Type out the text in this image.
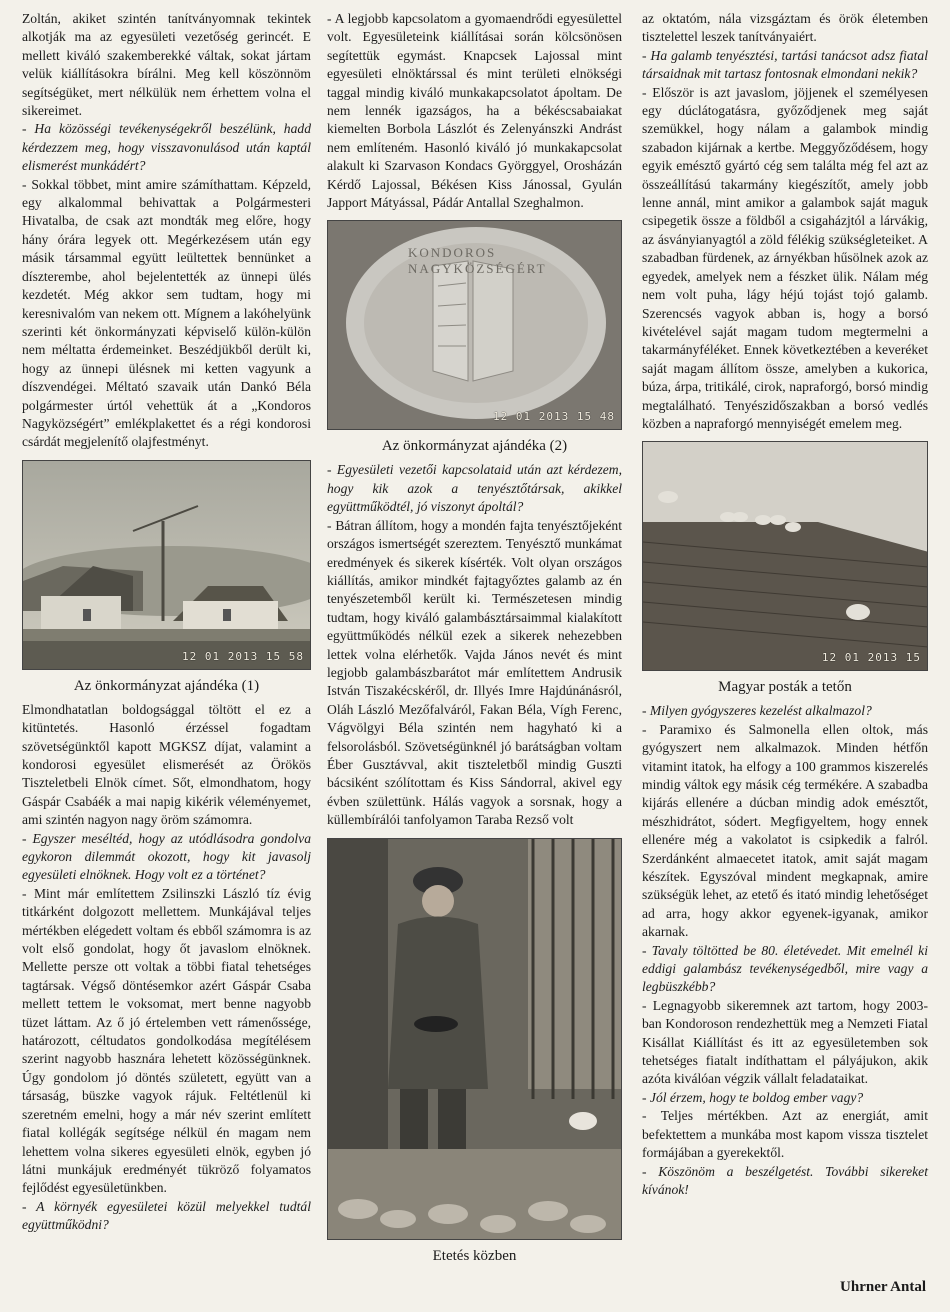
Zoltán, akiket szintén tanítványomnak tekintek alkotják ma az egyesületi vezetőség gerincét. E mellett kiváló szakemberekké váltak, sokat jártam velük kiállításokra bírálni. Meg kell köszönnöm segítségüket, mert nélkülük nem érhettem volna el sikereimet.

- Ha közösségi tevékenységekről beszélünk, hadd kérdezzem meg, hogy visszavonulásod után kaptál elismerést munkádért?

- Sokkal többet, mint amire számíthattam. Képzeld, egy alkalommal behivattak a Polgármesteri Hivatalba, de csak azt mondták meg előre, hogy hány órára legyek ott. Megérkezésem után egy másik társammal együtt leültettek bennünket a díszterembe, ahol bejelentették az ünnepi ülés kezdetét. Még akkor sem tudtam, hogy mi keresnivalóm van nekem ott. Mígnem a lakóhelyünk szerinti két önkormányzati képviselő külön-külön nem méltatta érdemeinket. Beszédjükből derült ki, hogy az ünnepi ülésnek mi ketten vagyunk a díszvendégei. Méltató szavaik után Dankó Béla polgármester úrtól vehettük át a „Kondoros Nagyközségért” emlékplakettet és a régi kondorosi csárdát megjelenítő olajfestményt.

12 01 2013 15 58
Az önkormányzat ajándéka (1)

Elmondhatatlan boldogsággal töltött el ez a kitüntetés. Hasonló érzéssel fogadtam szövetségünktől kapott MGKSZ díjat, valamint a kondorosi egyesület elismerését az Örökös Tiszteletbeli Elnök címet. Sőt, elmondhatom, hogy Gáspár Csabáék a mai napig kikérik véleményemet, ami szintén nagyon nagy öröm számomra.

- Egyszer meséltéd, hogy az utódlásodra gondolva egykoron dilemmát okozott, hogy kit javasolj egyesületi elnöknek. Hogy volt ez a történet?

- Mint már említettem Zsilinszki László tíz évig titkárként dolgozott mellettem. Munkájával teljes mértékben elégedett voltam és ebből számomra is az volt első gondolat, hogy őt javaslom elnöknek. Mellette persze ott voltak a többi fiatal tehetséges tagtársak. Végső döntésemkor azért Gáspár Csaba mellett tettem le voksomat, mert benne nagyobb tüzet láttam. Az ő jó értelemben vett rámenőssége, határozott, céltudatos gondolkodása megítélésem szerint nagyobb hasznára lehetett közösségünknek. Úgy gondolom jó döntés született, együtt van a társaság, büszke vagyok rájuk. Feltétlenül ki szeretném emelni, hogy a már név szerint említett fiatal kollégák segítsége nélkül én magam nem lehettem volna sikeres egyesületi elnök, egyben jó látni munkájuk eredményét tükröző folyamatos fejlődést egyesületünkben.

- A környék egyesületei közül melyekkel tudtál együttműködni?

- A legjobb kapcsolatom a gyomaendrődi egyesülettel volt. Egyesületeink kiállításai során kölcsönösen segítettük egymást. Knapcsek Lajossal mint egyesületi elnöktárssal és mint területi elnökségi taggal mindig kiváló munkakapcsolatot ápoltam. De nem lennék igazságos, ha a békéscsabaiakat kiemelten Borbola Lászlót és Zelenyánszki Andrást nem említeném. Hasonló kiváló jó munkakapcsolat alakult ki Szarvason Kondacs Györggyel, Orosházán Kérdő Lajossal, Békésen Kiss Jánossal, Gyulán Japport Mátyással, Pádár Antallal Szeghalmon.

KONDOROS NAGYKÖZSÉGÉRT
12 01 2013 15 48
Az önkormányzat ajándéka (2)

- Egyesületi vezetői kapcsolataid után azt kérdezem, hogy kik azok a tenyésztőtársak, akikkel együttműködtél, jó viszonyt ápoltál?

- Bátran állítom, hogy a mondén fajta tenyésztőjeként országos ismertségét szereztem. Tenyésztő munkámat eredmények és sikerek kísérték. Volt olyan országos kiállítás, amikor mindkét fajtagyőztes galamb az én tenyészetemből került ki. Természetesen mindig tudtam, hogy kiváló galambásztársaimmal kialakított együttműködés nélkül ezek a sikerek nehezebben lettek volna elérhetők. Vajda János nevét és mint legjobb galambászbarátot már említettem Andrusik István Tiszakécskéről, dr. Illyés Imre Hajdúnánásról, Oláh László Mezőfalváról, Fakan Béla, Vígh Ferenc, Vágvölgyi Béla szintén nem hagyható ki a felsorolásból. Szövetségünknél jó barátságban voltam Éber Gusztávval, akit tiszteletből mindig Guszti bácsiként szólítottam és Kiss Sándorral, akivel egy évben születtünk. Hálás vagyok a sorsnak, hogy a küllembírálói tanfolyamon Taraba Rezső volt

Etetés közben

az oktatóm, nála vizsgáztam és örök életemben tisztelettel leszek tanítványaiért.

- Ha galamb tenyésztési, tartási tanácsot adsz fiatal társaidnak mit tartasz fontosnak elmondani nekik?

- Először is azt javaslom, jöjjenek el személyesen egy dúclátogatásra, győződjenek meg saját szemükkel, hogy nálam a galambok mindig szabadon kijárnak a kertbe. Meggyőződésem, hogy egyik emésztő gyártó cég sem találta még fel azt az összeállítású takarmány kiegészítőt, amely jobb lenne annál, mint amikor a galambok saját maguk csipegetik össze a földből a csigaházjtól a lárvákig, az ásványianyagtól a zöld félékig szükségleteiket. A szabadban fürdenek, az árnyékban hűsölnek azok az egyedek, amelyek nem a fészket ülik. Nálam még nem volt puha, lágy héjú tojást tojó galamb. Szerencsés vagyok abban is, hogy a borsó kivételével saját magam tudom megtermelni a takarmányféléket. Ennek következtében a keveréket saját magam állítom össze, amelyben a kukorica, búza, árpa, tritikálé, cirok, napraforgó, borsó mindig megtalálható. Tenyészidőszakban a borsó vedlés közben a napraforgó mennyiségét emelem meg.

12 01 2013 15
Magyar posták a tetőn

- Milyen gyógyszeres kezelést alkalmazol?

- Paramixo és Salmonella ellen oltok, más gyógyszert nem alkalmazok. Minden hétfőn vitamint itatok, ha elfogy a 100 grammos kiszerelés mindig váltok egy másik cég termékére. A szabadba kijárás ellenére a dúcban mindig adok emésztőt, mészhidrátot, sódert. Megfigyeltem, hogy ennek ellenére még a vakolatot is csipkedik a falról. Szerdánként almaecetet itatok, amit saját magam készítek. Egyszóval mindent megkapnak, amire szükségük lehet, az etető és itató mindig lehetőséget ad arra, hogy akkor egyenek-igyanak, amikor akarnak.

- Tavaly töltötted be 80. életévedet. Mit emelnél ki eddigi galambász tevékenységedből, mire vagy a legbüszkébb?

- Legnagyobb sikeremnek azt tartom, hogy 2003-ban Kondoroson rendezhettük meg a Nemzeti Fiatal Kisállat Kiállítást és itt az egyesületemben sok tehetséges fiatalt indíthattam el pályájukon, akik azóta kiválóan végzik vállalt feladataikat.

- Jól érzem, hogy te boldog ember vagy?

- Teljes mértékben. Azt az energiát, amit befektettem a munkába most kapom vissza tisztelet formájában a gyerekektől.

- Köszönöm a beszélgetést. További sikereket kívánok!

Uhrner Antal
